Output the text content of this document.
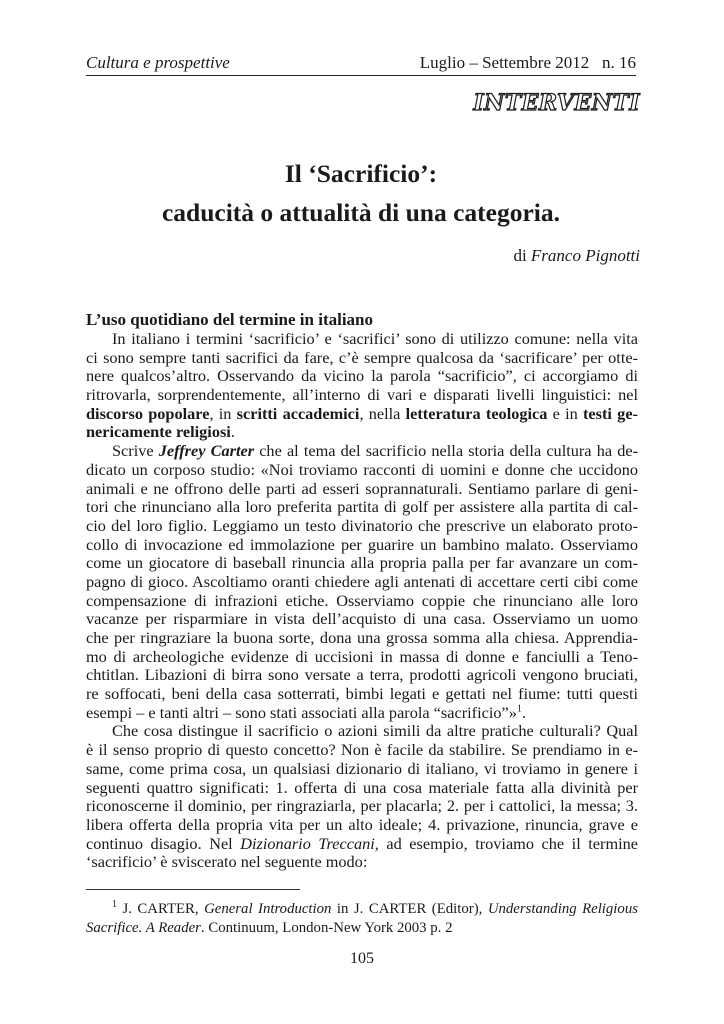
Cultura e prospettive	Luglio – Settembre 2012   n. 16
INTERVENTI
Il ‘Sacrificio’:
caducità o attualità di una categoria.
di Franco Pignotti
L’uso quotidiano del termine in italiano
In italiano i termini ‘sacrificio’ e ‘sacrifici’ sono di utilizzo comune: nella vita
ci sono sempre tanti sacrifici da fare, c’è sempre qualcosa da ‘sacrificare’ per otte-
nere qualcos’altro. Osservando da vicino la parola “sacrificio”, ci accorgiamo di
ritrovarla, sorprendentemente, all’interno di vari e disparati livelli linguistici: nel
discorso popolare, in scritti accademici, nella letteratura teologica e in testi ge-
nericamente religiosi.
Scrive Jeffrey Carter che al tema del sacrificio nella storia della cultura ha de-
dicato un corposo studio: «Noi troviamo racconti di uomini e donne che uccidono
animali e ne offrono delle parti ad esseri soprannaturali. Sentiamo parlare di geni-
tori che rinunciano alla loro preferita partita di golf per assistere alla partita di cal-
cio del loro figlio. Leggiamo un testo divinatorio che prescrive un elaborato proto-
collo di invocazione ed immolazione per guarire un bambino malato. Osserviamo
come un giocatore di baseball rinuncia alla propria palla per far avanzare un com-
pagno di gioco. Ascoltiamo oranti chiedere agli antenati di accettare certi cibi come
compensazione di infrazioni etiche. Osserviamo coppie che rinunciano alle loro
vacanze per risparmiare in vista dell’acquisto di una casa. Osserviamo un uomo
che per ringraziare la buona sorte, dona una grossa somma alla chiesa. Apprendia-
mo di archeologiche evidenze di uccisioni in massa di donne e fanciulli a Teno-
chtitlan. Libazioni di birra sono versate a terra, prodotti agricoli vengono bruciati,
re soffocati, beni della casa sotterrati, bimbi legati e gettati nel fiume: tutti questi
esempi – e tanti altri – sono stati associati alla parola “sacrificio”»$^1$.
Che cosa distingue il sacrificio o azioni simili da altre pratiche culturali? Qual
è il senso proprio di questo concetto? Non è facile da stabilire. Se prendiamo in e-
same, come prima cosa, un qualsiasi dizionario di italiano, vi troviamo in genere i
seguenti quattro significati: 1. offerta di una cosa materiale fatta alla divinità per
riconoscerne il dominio, per ringraziarla, per placarla; 2. per i cattolici, la messa; 3.
libera offerta della propria vita per un alto ideale; 4. privazione, rinuncia, grave e
continuo disagio. Nel Dizionario Treccani, ad esempio, troviamo che il termine
‘sacrificio’ è sviscerato nel seguente modo:
$^1$ J. CARTER, General Introduction in J. CARTER (Editor), Understanding Religious
Sacrifice. A Reader. Continuum, London-New York 2003 p. 2
105
